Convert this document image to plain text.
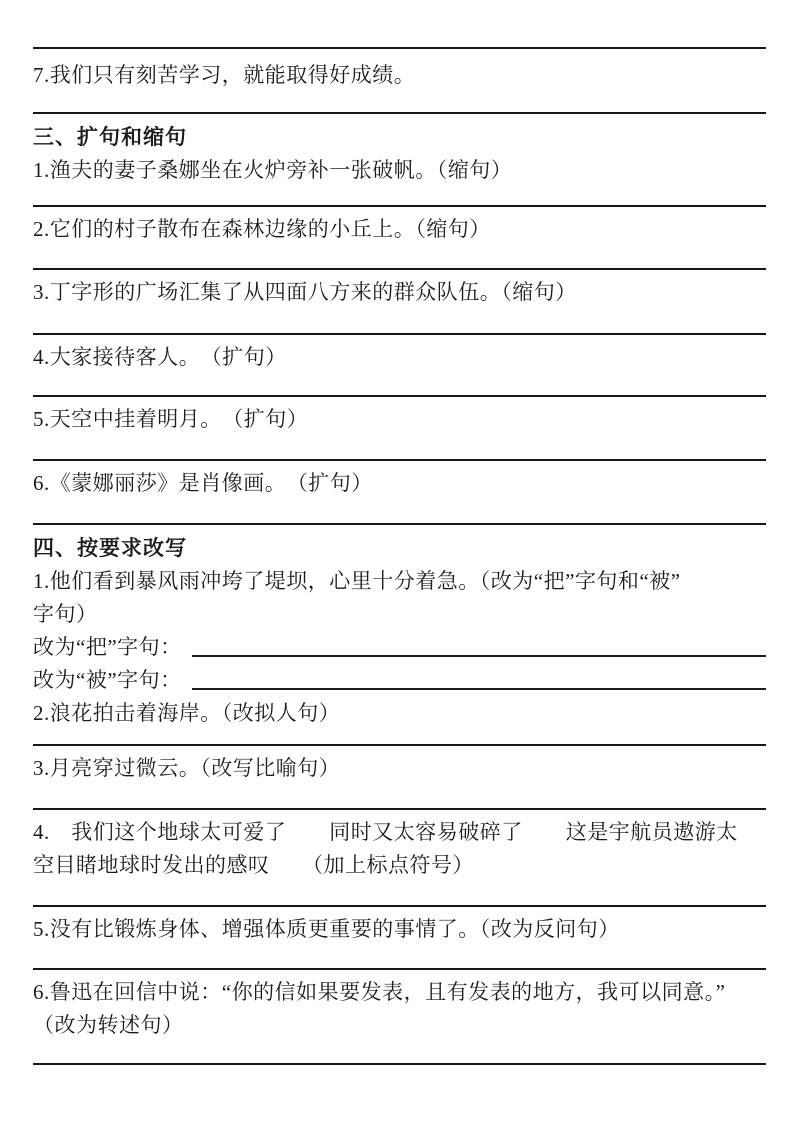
7.我们只有刻苦学习，就能取得好成绩。
三、扩句和缩句
1.渔夫的妻子桑娜坐在火炉旁补一张破帆。（缩句）
2.它们的村子散布在森林边缘的小丘上。（缩句）
3.丁字形的广场汇集了从四面八方来的群众队伍。（缩句）
4.大家接待客人。　（扩句）
5.天空中挂着明月。　（扩句）
6.《蒙娜丽莎》是肖像画。　（扩句）
四、按要求改写
1.他们看到暴风雨冲垮了堤坝，心里十分着急。（改为“把”字句和“被”
字句）
改为“把”字句：
改为“被”字句：
2.浪花拍击着海岸。（改拟人句）
3.月亮穿过微云。（改写比喻句）
4.　我们这个地球太可爱了　　同时又太容易破碎了　　这是宇航员遨游太
空目睹地球时发出的感叹　　（加上标点符号）
5.没有比锻炼身体、增强体质更重要的事情了。（改为反问句）
6.鲁迅在回信中说：“你的信如果要发表，且有发表的地方，我可以同意。”
（改为转述句）
